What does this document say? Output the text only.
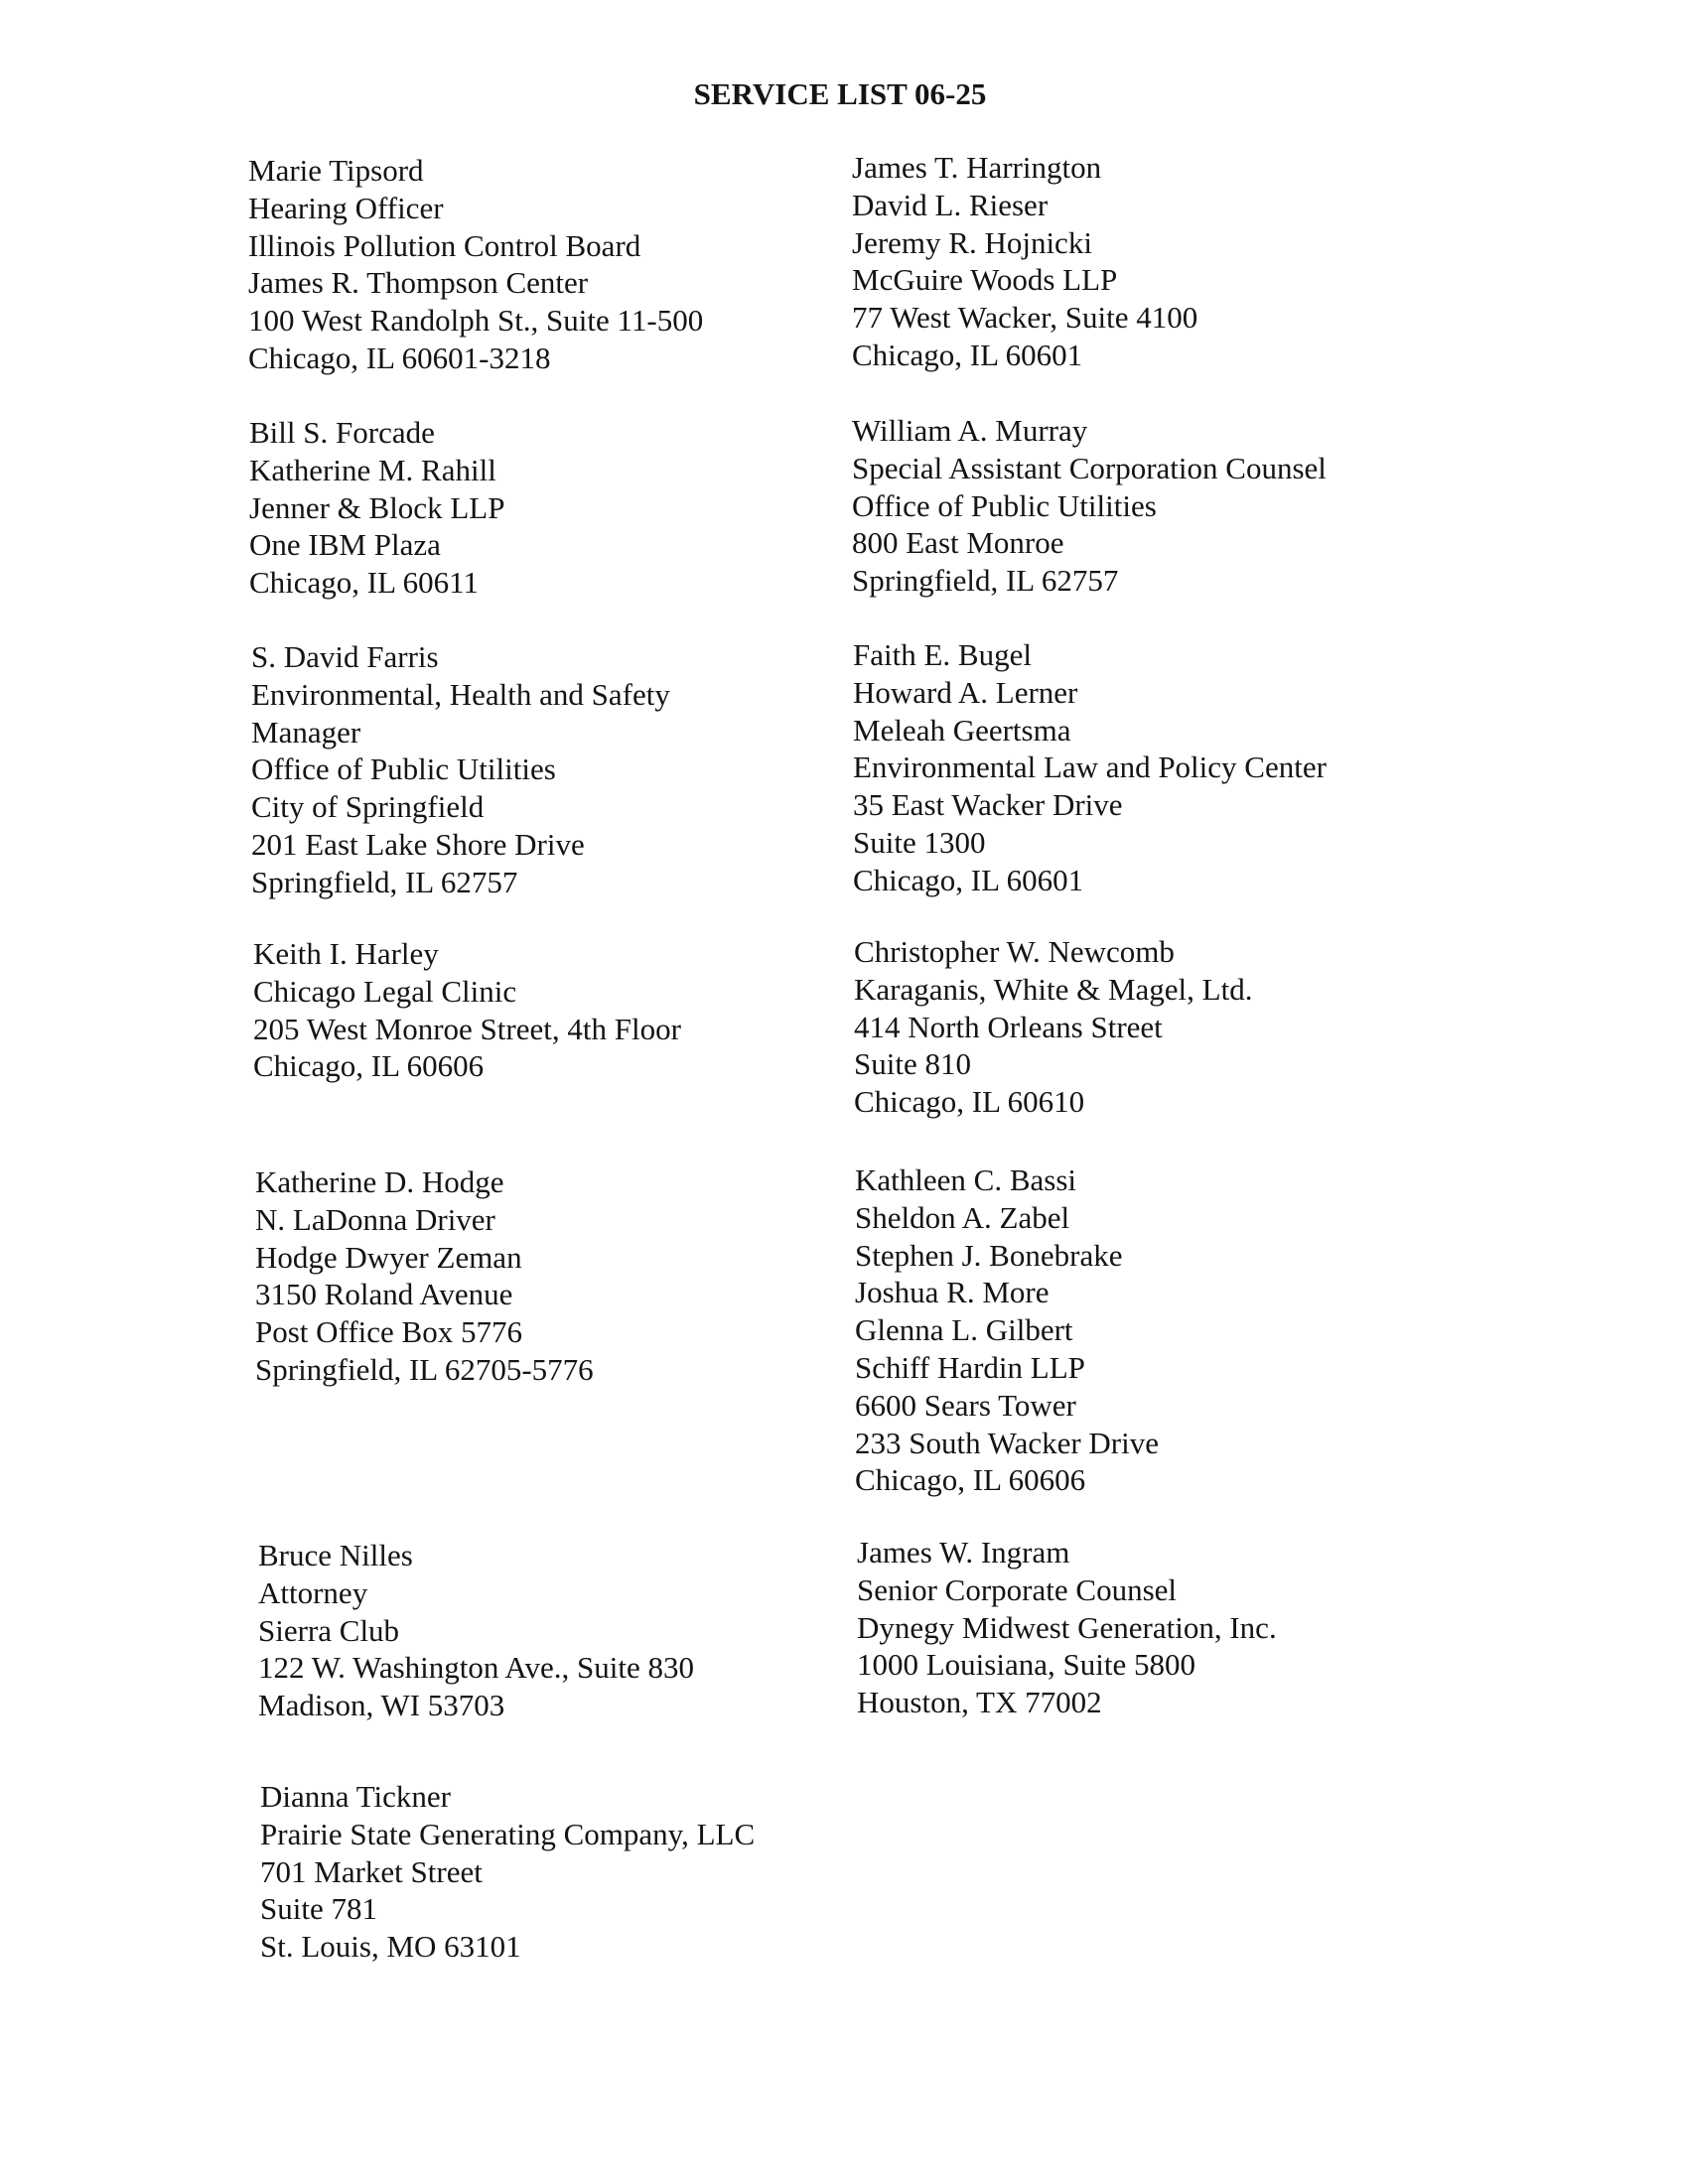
SERVICE LIST 06-25
Marie Tipsord
Hearing Officer
Illinois Pollution Control Board
James R. Thompson Center
100 West Randolph St., Suite 11-500
Chicago, IL 60601-3218
Bill S. Forcade
Katherine M. Rahill
Jenner & Block LLP
One IBM Plaza
Chicago, IL 60611
S. David Farris
Environmental, Health and Safety
Manager
Office of Public Utilities
City of Springfield
201 East Lake Shore Drive
Springfield, IL 62757
Keith I. Harley
Chicago Legal Clinic
205 West Monroe Street, 4th Floor
Chicago, IL 60606
Katherine D. Hodge
N. LaDonna Driver
Hodge Dwyer Zeman
3150 Roland Avenue
Post Office Box 5776
Springfield, IL 62705-5776
Bruce Nilles
Attorney
Sierra Club
122 W. Washington Ave., Suite 830
Madison, WI 53703
Dianna Tickner
Prairie State Generating Company, LLC
701 Market Street
Suite 781
St. Louis, MO 63101
James T. Harrington
David L. Rieser
Jeremy R. Hojnicki
McGuire Woods LLP
77 West Wacker, Suite 4100
Chicago, IL 60601
William A. Murray
Special Assistant Corporation Counsel
Office of Public Utilities
800 East Monroe
Springfield, IL 62757
Faith E. Bugel
Howard A. Lerner
Meleah Geertsma
Environmental Law and Policy Center
35 East Wacker Drive
Suite 1300
Chicago, IL 60601
Christopher W. Newcomb
Karaganis, White & Magel, Ltd.
414 North Orleans Street
Suite 810
Chicago, IL 60610
Kathleen C. Bassi
Sheldon A. Zabel
Stephen J. Bonebrake
Joshua R. More
Glenna L. Gilbert
Schiff Hardin LLP
6600 Sears Tower
233 South Wacker Drive
Chicago, IL 60606
James W. Ingram
Senior Corporate Counsel
Dynegy Midwest Generation, Inc.
1000 Louisiana, Suite 5800
Houston, TX 77002
